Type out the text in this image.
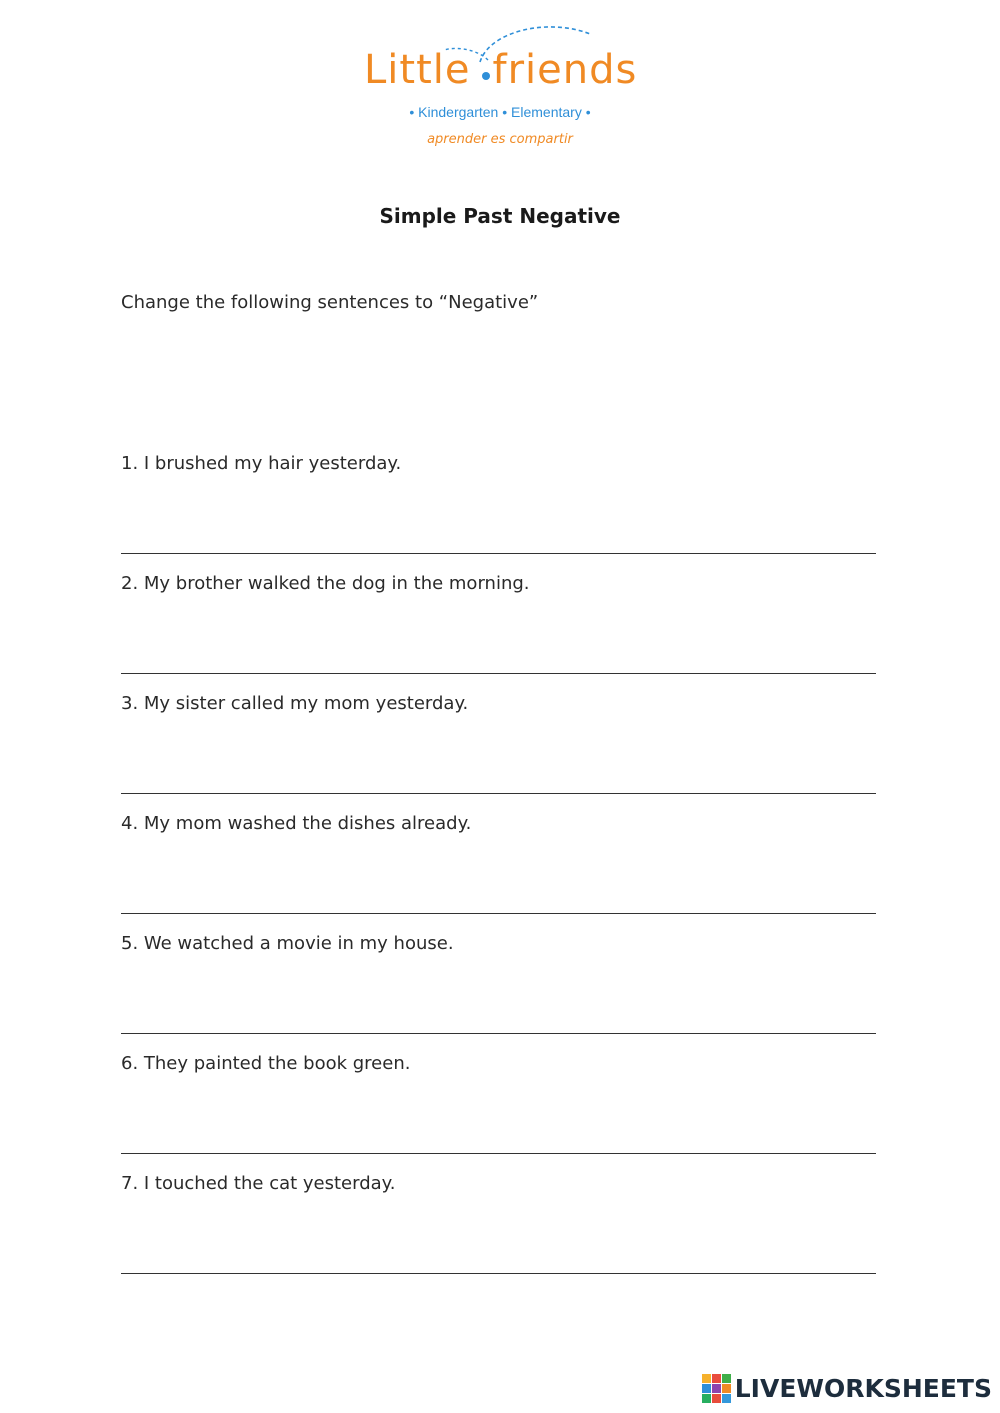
Little friends
• Kindergarten • Elementary •
aprender es compartir
Simple Past Negative
Change the following sentences to “Negative”
1. I brushed my hair yesterday.
2. My brother walked the dog in the morning.
3. My sister called my mom yesterday.
4. My mom washed the dishes already.
5. We watched a movie in my house.
6. They painted the book green.
7. I touched the cat yesterday.
LIVEWORKSHEETS
